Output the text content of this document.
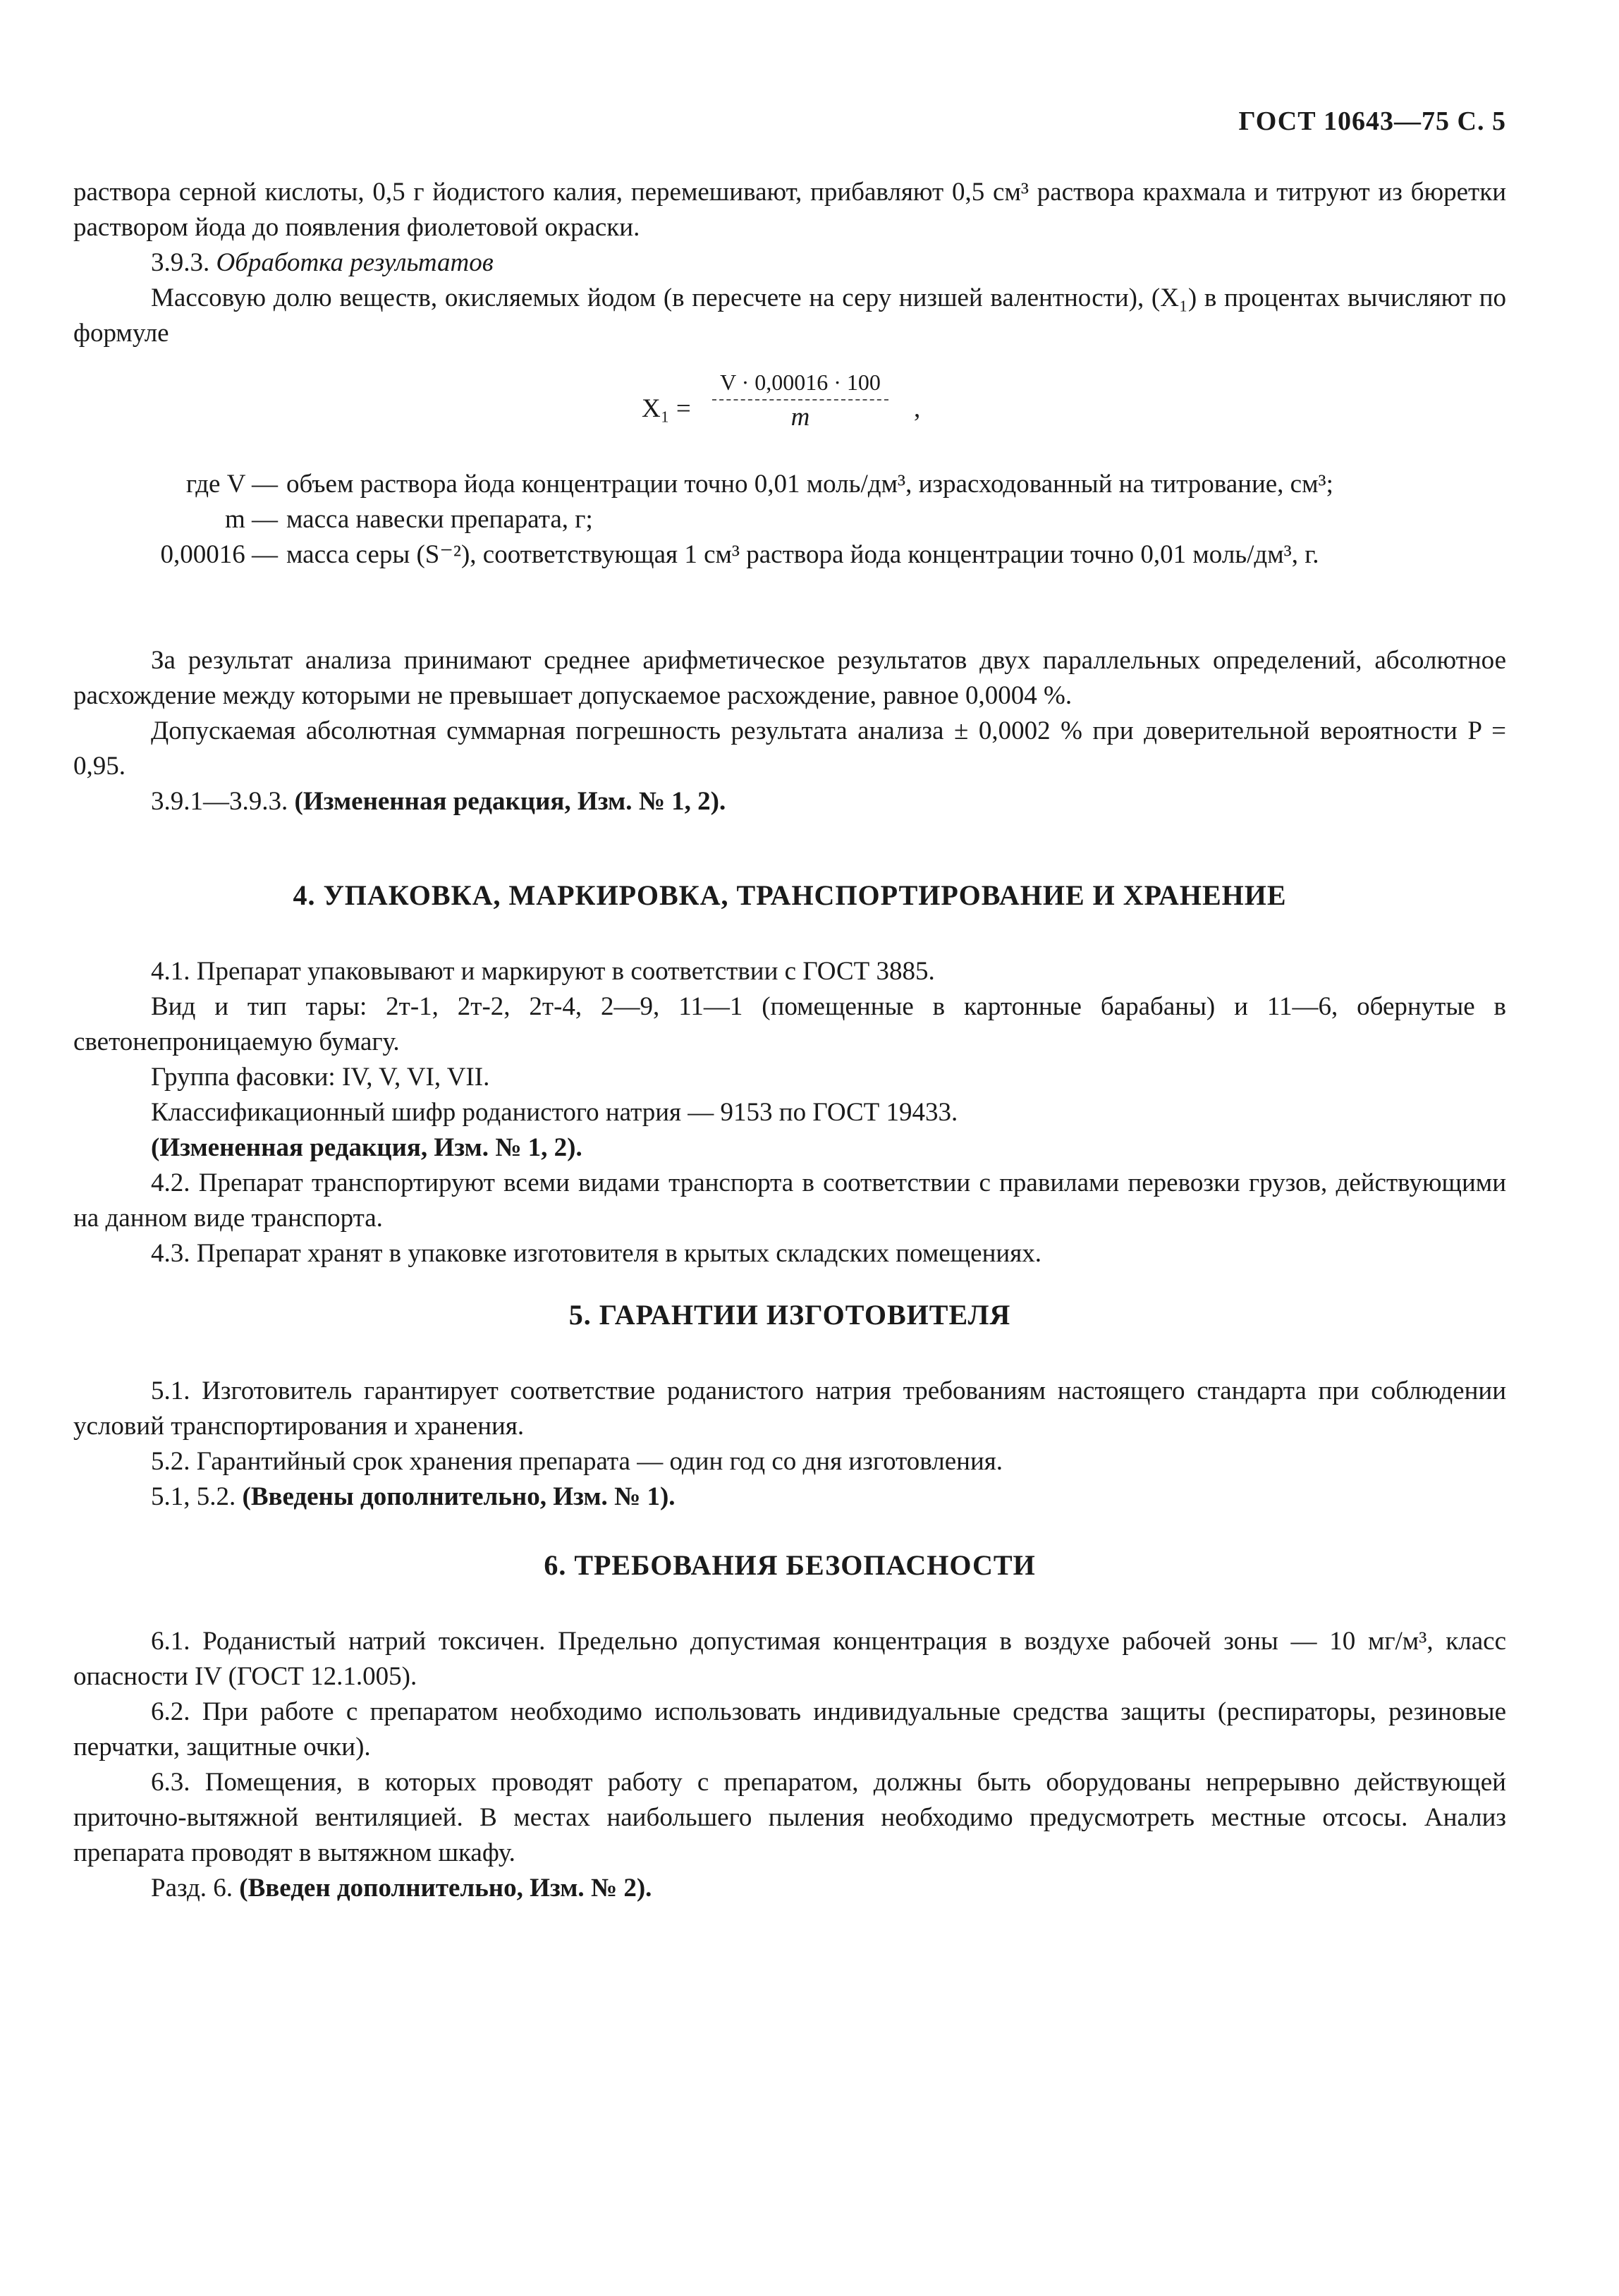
ГОСТ 10643—75 С. 5

раствора серной кислоты, 0,5 г йодистого калия, перемешивают, прибавляют 0,5 см³ раствора крахмала и титруют из бюретки раствором йода до появления фиолетовой окраски.

3.9.3. Обработка результатов

Массовую долю веществ, окисляемых йодом (в пересчете на серу низшей валентности), (X₁) в процентах вычисляют по формуле

X₁ =
V · 0,00016 · 100
m	,
где V — объем раствора йода концентрации точно 0,01 моль/дм³, израсходованный на титрование, см³;
m — масса навески препарата, г;
0,00016 — масса серы (S⁻²), соответствующая 1 см³ раствора йода концентрации точно 0,01 моль/дм³, г.

За результат анализа принимают среднее арифметическое результатов двух параллельных определений, абсолютное расхождение между которыми не превышает допускаемое расхождение, равное 0,0004 %.

Допускаемая абсолютная суммарная погрешность результата анализа ± 0,0002 % при доверительной вероятности P = 0,95.

3.9.1—3.9.3. (Измененная редакция, Изм. № 1, 2).

4. УПАКОВКА, МАРКИРОВКА, ТРАНСПОРТИРОВАНИЕ И ХРАНЕНИЕ

4.1. Препарат упаковывают и маркируют в соответствии с ГОСТ 3885.

Вид и тип тары: 2т-1, 2т-2, 2т-4, 2—9, 11—1 (помещенные в картонные барабаны) и 11—6, обернутые в светонепроницаемую бумагу.

Группа фасовки: IV, V, VI, VII.

Классификационный шифр роданистого натрия — 9153 по ГОСТ 19433.

(Измененная редакция, Изм. № 1, 2).

4.2. Препарат транспортируют всеми видами транспорта в соответствии с правилами перевозки грузов, действующими на данном виде транспорта.

4.3. Препарат хранят в упаковке изготовителя в крытых складских помещениях.

5. ГАРАНТИИ ИЗГОТОВИТЕЛЯ

5.1. Изготовитель гарантирует соответствие роданистого натрия требованиям настоящего стандарта при соблюдении условий транспортирования и хранения.

5.2. Гарантийный срок хранения препарата — один год со дня изготовления.

5.1, 5.2. (Введены дополнительно, Изм. № 1).

6. ТРЕБОВАНИЯ БЕЗОПАСНОСТИ

6.1. Роданистый натрий токсичен. Предельно допустимая концентрация в воздухе рабочей зоны — 10 мг/м³, класс опасности IV (ГОСТ 12.1.005).

6.2. При работе с препаратом необходимо использовать индивидуальные средства защиты (респираторы, резиновые перчатки, защитные очки).

6.3. Помещения, в которых проводят работу с препаратом, должны быть оборудованы непрерывно действующей приточно-вытяжной вентиляцией. В местах наибольшего пыления необходимо предусмотреть местные отсосы. Анализ препарата проводят в вытяжном шкафу.

Разд. 6. (Введен дополнительно, Изм. № 2).
